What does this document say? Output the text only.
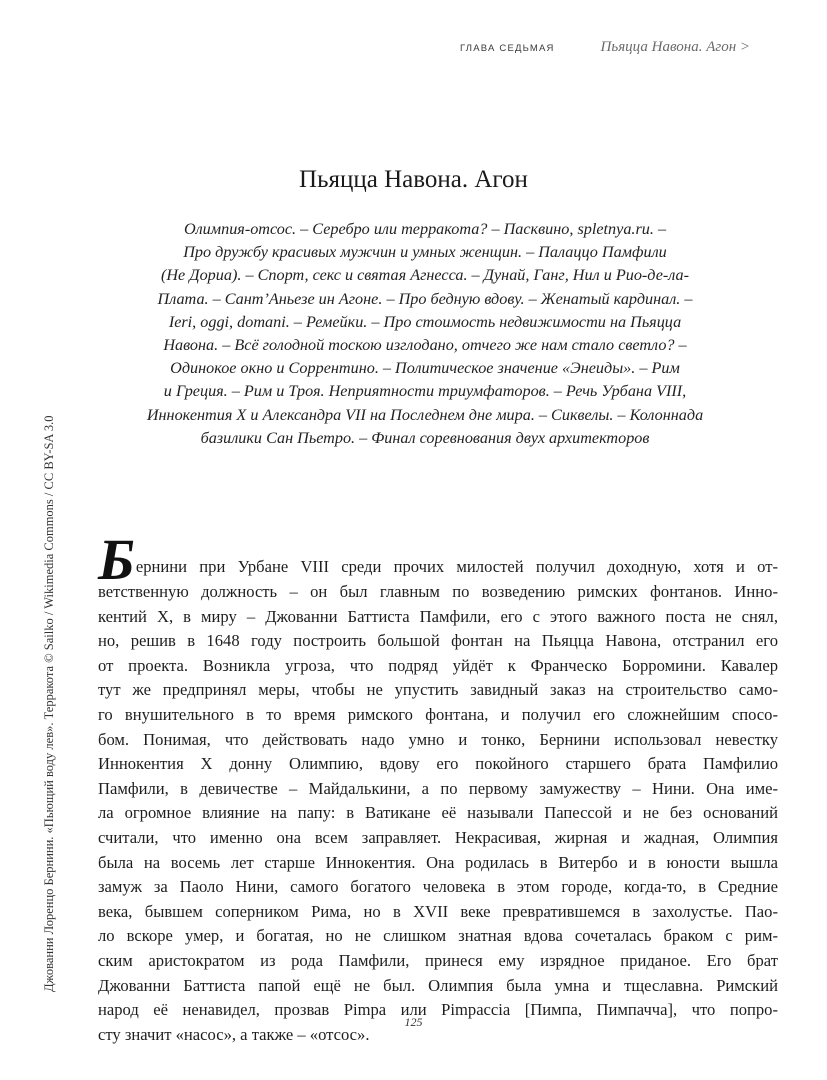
ГЛАВА СЕДЬМАЯ	Пьяцца Навона. Агон >
Пьяцца Навона. Агон
Олимпия-отсос. – Серебро или терракота? – Пасквино, spletnya.ru. –
Про дружбу красивых мужчин и умных женщин. – Палаццо Памфили
(Не Дориа). – Спорт, секс и святая Агнесса. – Дунай, Ганг, Нил и Рио-де-ла-
Плата. – Сант’Аньезе ин Агоне. – Про бедную вдову. – Женатый кардинал. –
Ieri, oggi, domani. – Ремейки. – Про стоимость недвижимости на Пьяцца
Навона. – Всё голодной тоскою изглодано, отчего же нам стало светло? –
Одинокое окно и Соррентино. – Политическое значение «Энеиды». – Рим
и Греция. – Рим и Троя. Неприятности триумфаторов. – Речь Урбана VIII,
Иннокентия X и Александра VII на Последнем дне мира. – Сиквелы. – Колоннада
базилики Сан Пьетро. – Финал соревнования двух архитекторов
Б ернини при Урбане VIII среди прочих милостей получил доходную, хотя и от-
ветственную должность – он был главным по возведению римских фонтанов. Инно-
кентий X, в миру – Джованни Баттиста Памфили, его с этого важного поста не снял,
но, решив в 1648 году построить большой фонтан на Пьяцца Навона, отстранил его
от проекта. Возникла угроза, что подряд уйдёт к Франческо Борромини. Кавалер
тут же предпринял меры, чтобы не упустить завидный заказ на строительство само-
го внушительного в то время римского фонтана, и получил его сложнейшим спосо-
бом. Понимая, что действовать надо умно и тонко, Бернини использовал невестку
Иннокентия X донну Олимпию, вдову его покойного старшего брата Памфилио
Памфили, в девичестве – Майдалькини, а по первому замужеству – Нини. Она име-
ла огромное влияние на папу: в Ватикане её называли Папессой и не без оснований
считали, что именно она всем заправляет. Некрасивая, жирная и жадная, Олимпия
была на восемь лет старше Иннокентия. Она родилась в Витербо и в юности вышла
замуж за Паоло Нини, самого богатого человека в этом городе, когда-то, в Средние
века, бывшем соперником Рима, но в XVII веке превратившемся в захолустье. Пао-
ло вскоре умер, и богатая, но не слишком знатная вдова сочеталась браком с рим-
ским аристократом из рода Памфили, принеся ему изрядное приданое. Его брат
Джованни Баттиста папой ещё не был. Олимпия была умна и тщеславна. Римский
народ её ненавидел, прозвав Pimpa или Pimpaccia [Пимпа, Пимпачча], что попро-
сту значит «насос», а также – «отсос».
Джованни Лоренцо Бернини. «Пьющий воду лев». Терракота © Sailko / Wikimedia Commons / CC BY-SA 3.0
125
